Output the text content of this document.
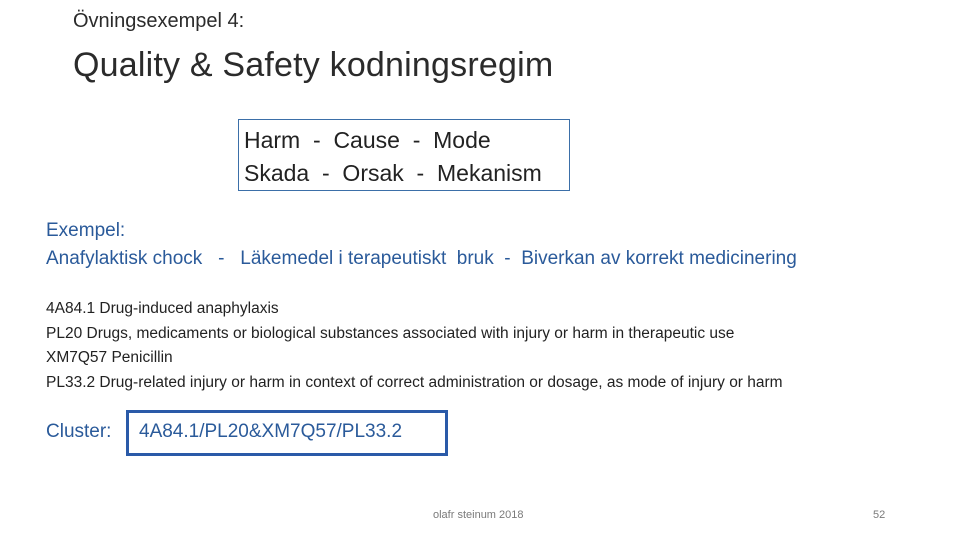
Övningsexempel 4:
Quality & Safety kodningsregim
Harm  -  Cause  -  Mode
Skada  -  Orsak  -  Mekanism
Exempel:
Anafylaktisk chock   -   Läkemedel i terapeutiskt  bruk  -  Biverkan av korrekt medicinering
4A84.1 Drug-induced anaphylaxis
PL20 Drugs, medicaments or biological substances associated with injury or harm in therapeutic use
XM7Q57 Penicillin
PL33.2 Drug-related injury or harm in context of correct administration or dosage, as mode of injury or harm
Cluster:	4A84.1/PL20&XM7Q57/PL33.2
olafr steinum 2018	52
